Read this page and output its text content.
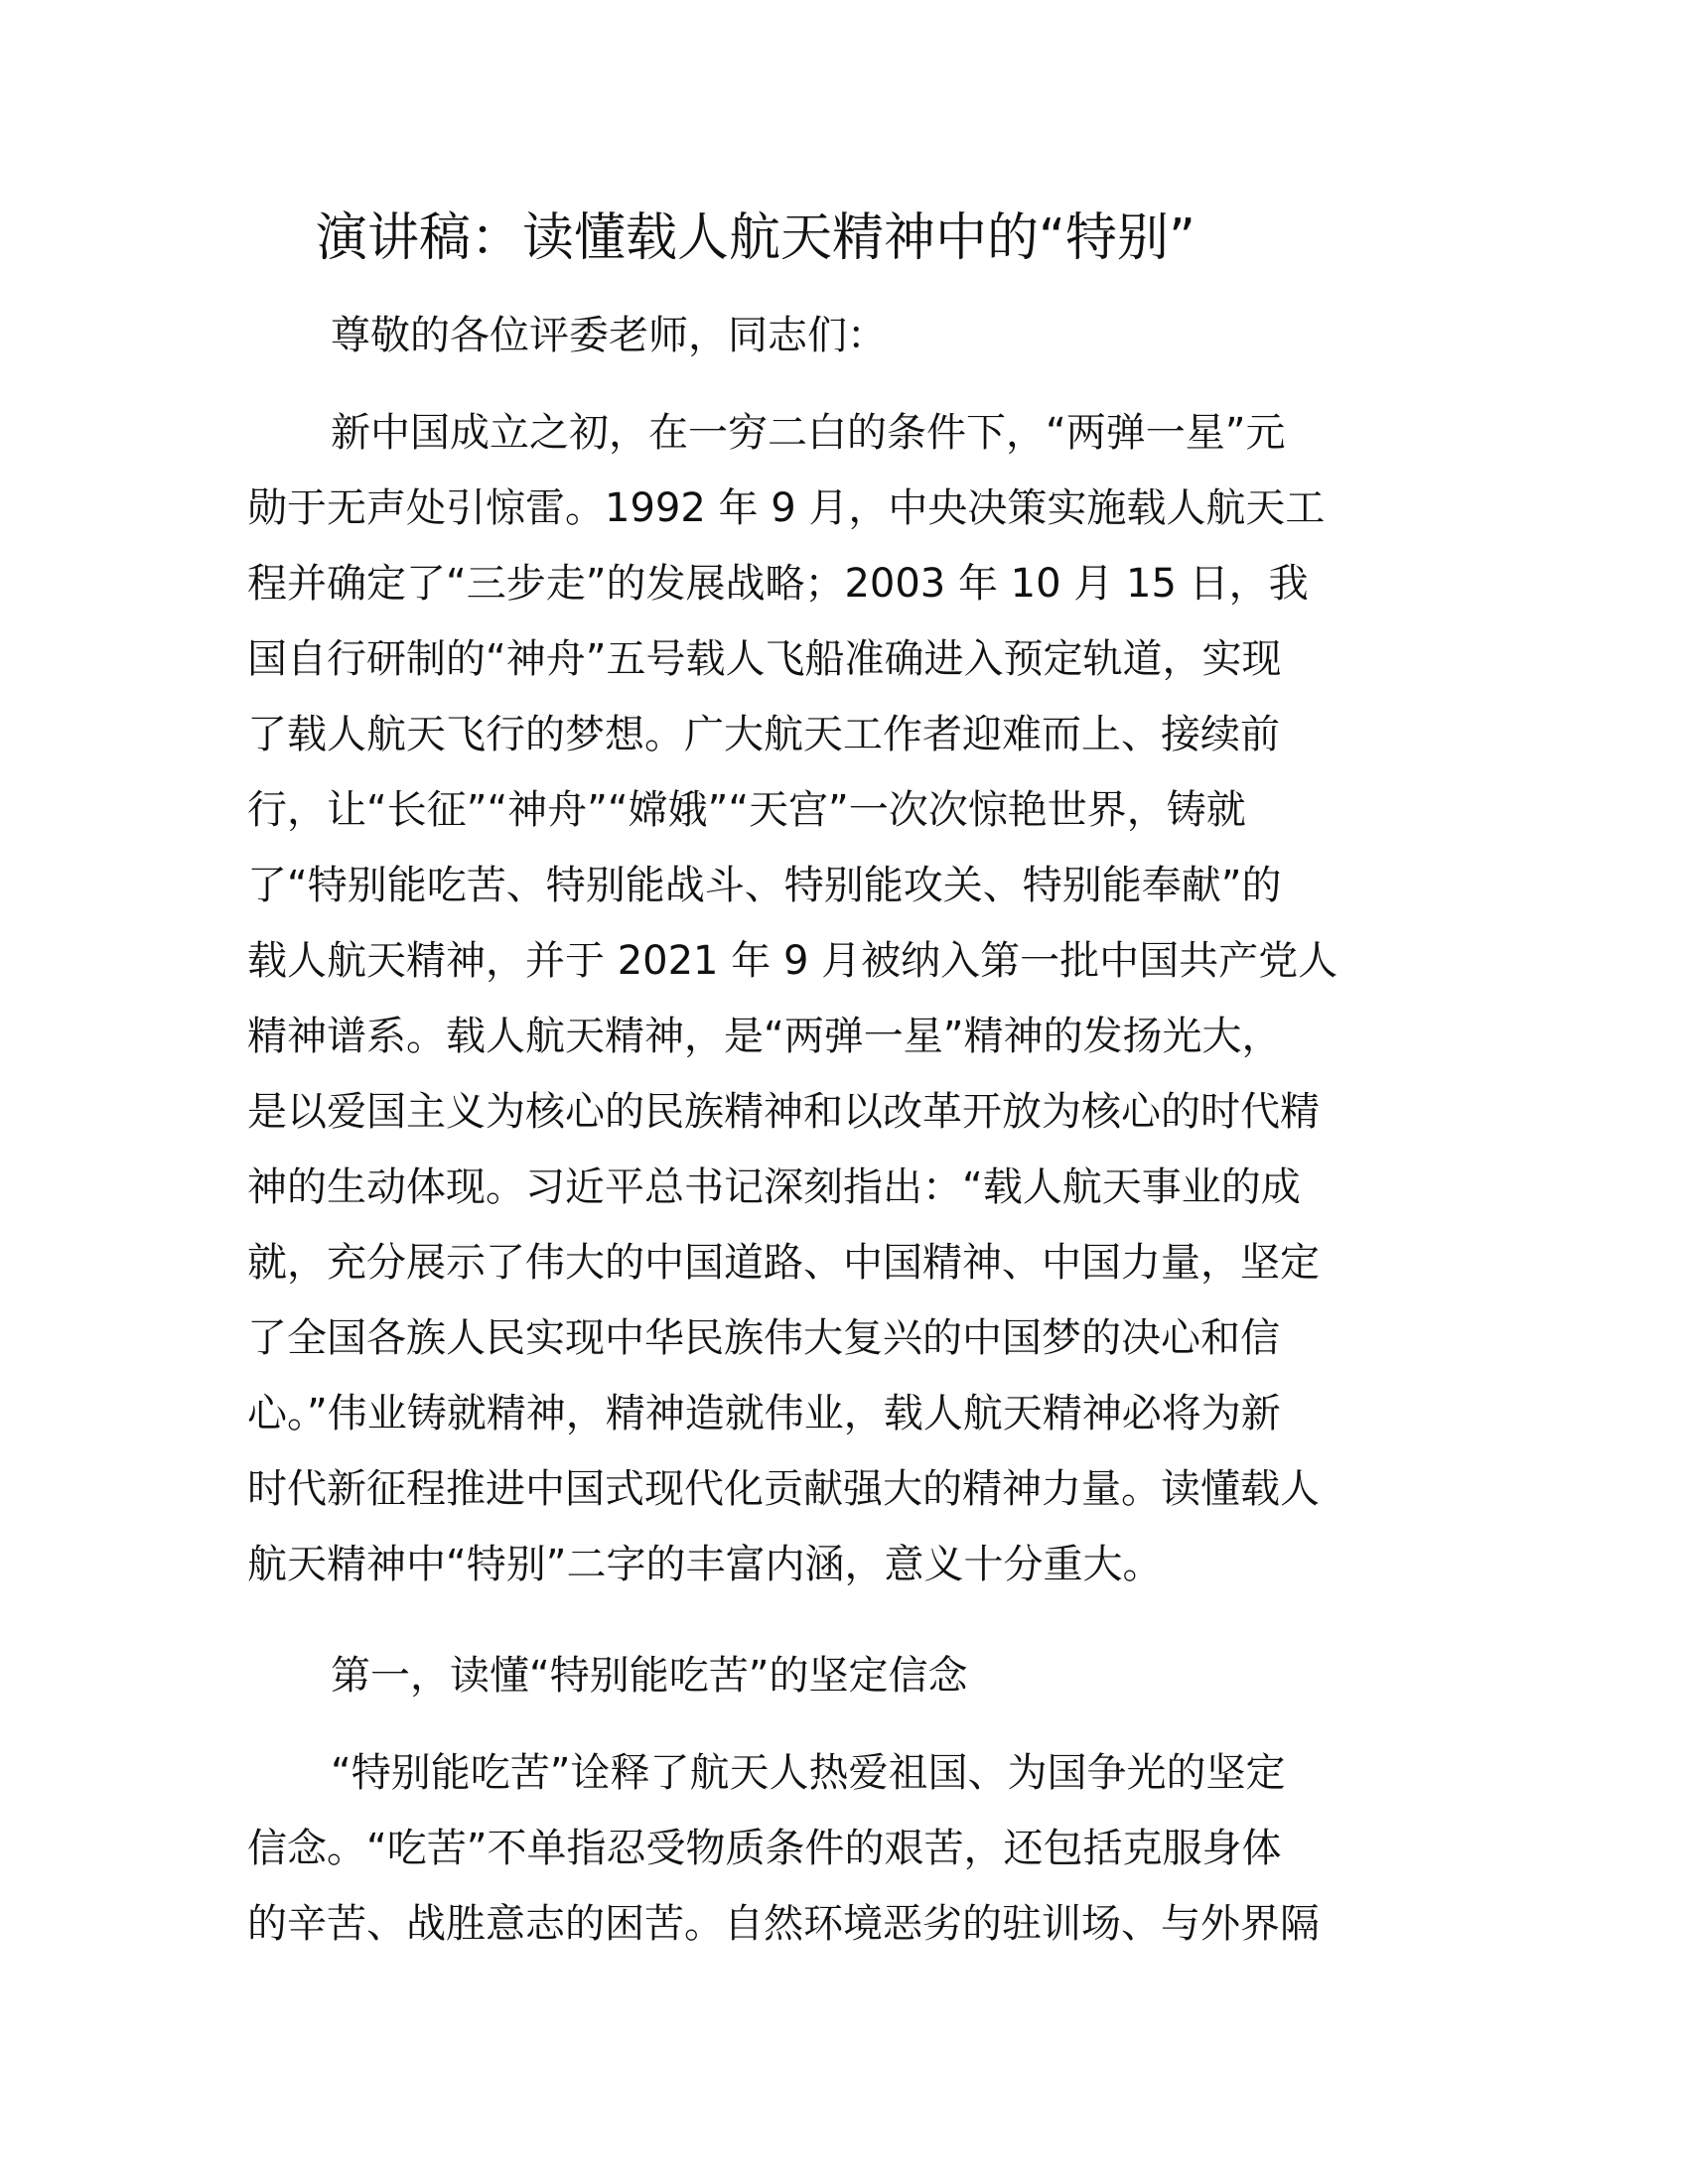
演讲稿：读懂载人航天精神中的“特别”
尊敬的各位评委老师，同志们：
新中国成立之初，在一穷二白的条件下，“两弹一星”元
勋于无声处引惊雷。1992 年 9 月，中央决策实施载人航天工
程并确定了“三步走”的发展战略；2003 年 10 月 15 日，我
国自行研制的“神舟”五号载人飞船准确进入预定轨道，实现
了载人航天飞行的梦想。广大航天工作者迎难而上、接续前
行，让“长征”“神舟”“嫦娥”“天宫”一次次惊艳世界，铸就
了“特别能吃苦、特别能战斗、特别能攻关、特别能奉献”的
载人航天精神，并于 2021 年 9 月被纳入第一批中国共产党人
精神谱系。载人航天精神，是“两弹一星”精神的发扬光大，
是以爱国主义为核心的民族精神和以改革开放为核心的时代精
神的生动体现。习近平总书记深刻指出：“载人航天事业的成
就，充分展示了伟大的中国道路、中国精神、中国力量，坚定
了全国各族人民实现中华民族伟大复兴的中国梦的决心和信
心。”伟业铸就精神，精神造就伟业，载人航天精神必将为新
时代新征程推进中国式现代化贡献强大的精神力量。读懂载人
航天精神中“特别”二字的丰富内涵，意义十分重大。
第一，读懂“特别能吃苦”的坚定信念
“特别能吃苦”诠释了航天人热爱祖国、为国争光的坚定
信念。“吃苦”不单指忍受物质条件的艰苦，还包括克服身体
的辛苦、战胜意志的困苦。自然环境恶劣的驻训场、与外界隔
